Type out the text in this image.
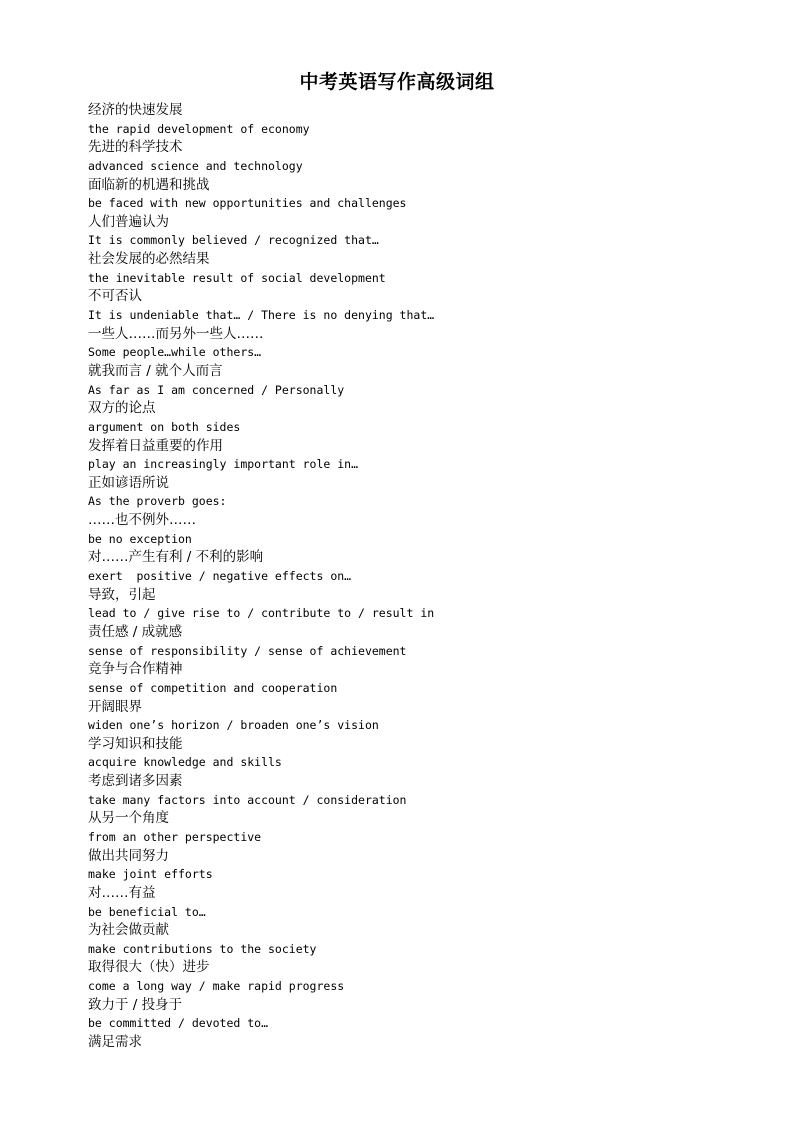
中考英语写作高级词组
经济的快速发展
the rapid development of economy
先进的科学技术
advanced science and technology
面临新的机遇和挑战
be faced with new opportunities and challenges
人们普遍认为
It is commonly believed / recognized that…
社会发展的必然结果
the inevitable result of social development
不可否认
It is undeniable that… / There is no denying that…
一些人……而另外一些人……
Some people…while others…
就我而言 / 就个人而言
As far as I am concerned / Personally
双方的论点
argument on both sides
发挥着日益重要的作用
play an increasingly important role in…
正如谚语所说
As the proverb goes:
……也不例外……
be no exception
对……产生有利 / 不利的影响
exert  positive / negative effects on…
导致，引起
lead to / give rise to / contribute to / result in
责任感 / 成就感
sense of responsibility / sense of achievement
竞争与合作精神
sense of competition and cooperation
开阔眼界
widen one’s horizon / broaden one’s vision
学习知识和技能
acquire knowledge and skills
考虑到诸多因素
take many factors into account / consideration
从另一个角度
from an other perspective
做出共同努力
make joint efforts
对……有益
be beneficial to…
为社会做贡献
make contributions to the society
取得很大（快）进步
come a long way / make rapid progress
致力于 / 投身于
be committed / devoted to…
满足需求
